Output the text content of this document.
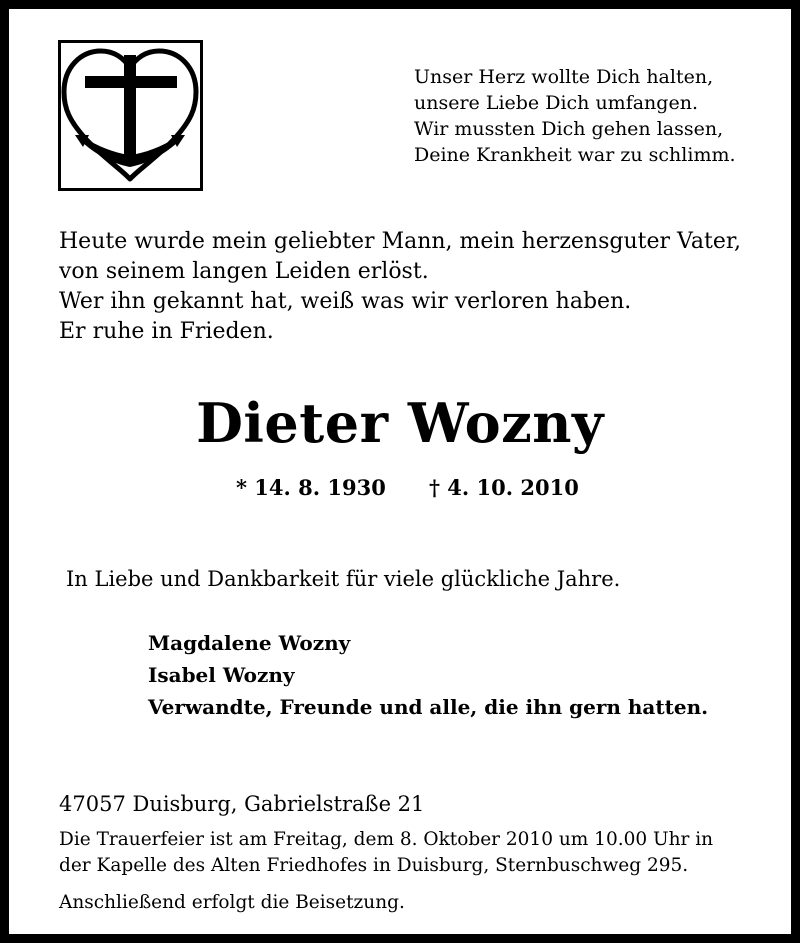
Unser Herz wollte Dich halten,
unsere Liebe Dich umfangen.
Wir mussten Dich gehen lassen,
Deine Krankheit war zu schlimm.
Heute wurde mein geliebter Mann, mein herzensguter Vater,
von seinem langen Leiden erlöst.
Wer ihn gekannt hat, weiß was wir verloren haben.
Er ruhe in Frieden.
Dieter Wozny
* 14. 8. 1930 † 4. 10. 2010
In Liebe und Dankbarkeit für viele glückliche Jahre.
Magdalene Wozny
Isabel Wozny
Verwandte, Freunde und alle, die ihn gern hatten.
47057 Duisburg, Gabrielstraße 21
Die Trauerfeier ist am Freitag, dem 8. Oktober 2010 um 10.00 Uhr in
der Kapelle des Alten Friedhofes in Duisburg, Sternbuschweg 295.
Anschließend erfolgt die Beisetzung.
